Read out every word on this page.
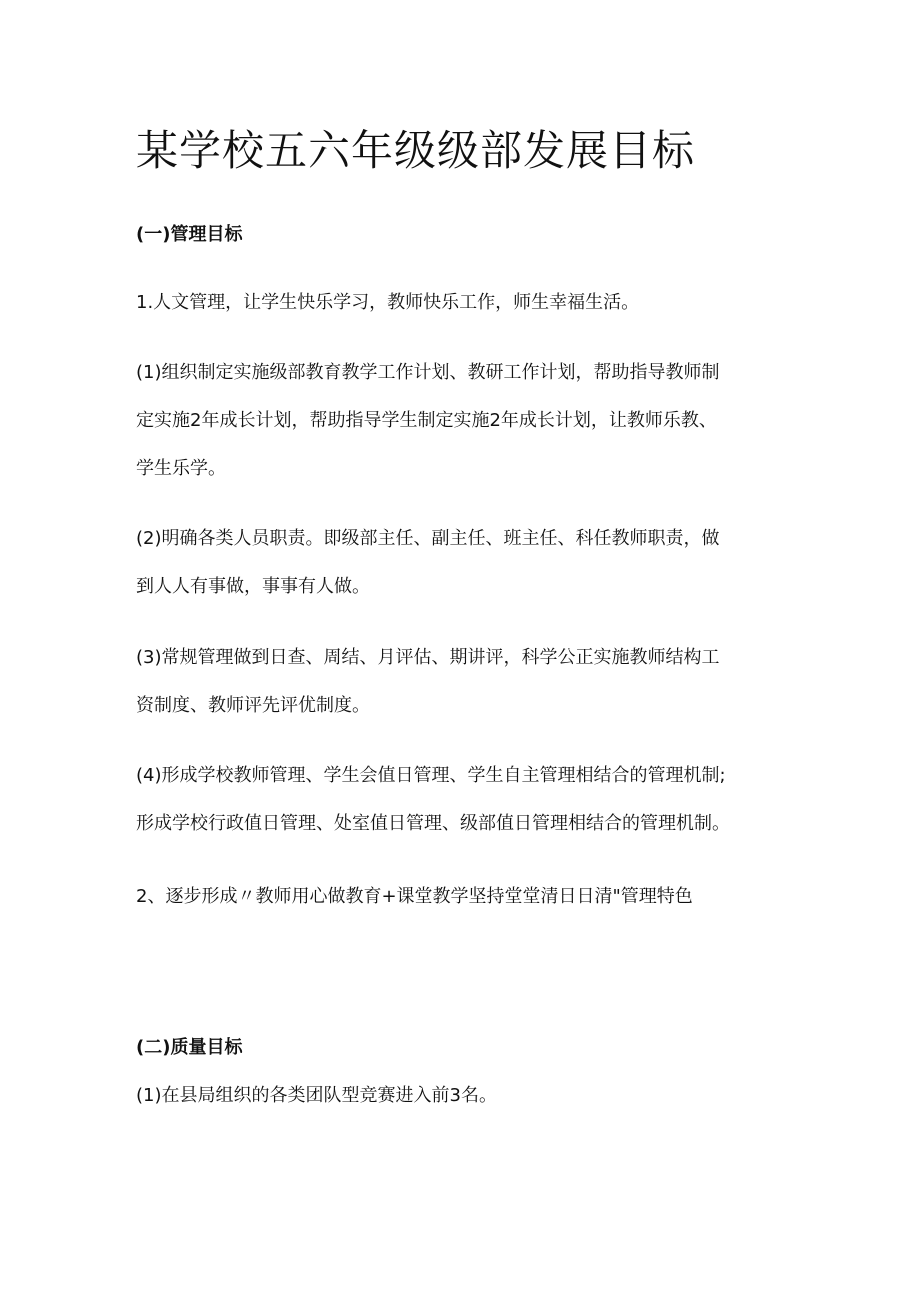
某学校五六年级级部发展目标
(一)管理目标

1.人文管理，让学生快乐学习，教师快乐工作，师生幸福生活。

(1)组织制定实施级部教育教学工作计划、教研工作计划，帮助指导教师制
定实施2年成长计划，帮助指导学生制定实施2年成长计划，让教师乐教、
学生乐学。

(2)明确各类人员职责。即级部主任、副主任、班主任、科任教师职责，做
到人人有事做，事事有人做。

(3)常规管理做到日查、周结、月评估、期讲评，科学公正实施教师结构工
资制度、教师评先评优制度。

(4)形成学校教师管理、学生会值日管理、学生自主管理相结合的管理机制;
形成学校行政值日管理、处室值日管理、级部值日管理相结合的管理机制。

2、逐步形成〃教师用心做教育+课堂教学坚持堂堂清日日清"管理特色

(二)质量目标

(1)在县局组织的各类团队型竞赛进入前3名。
